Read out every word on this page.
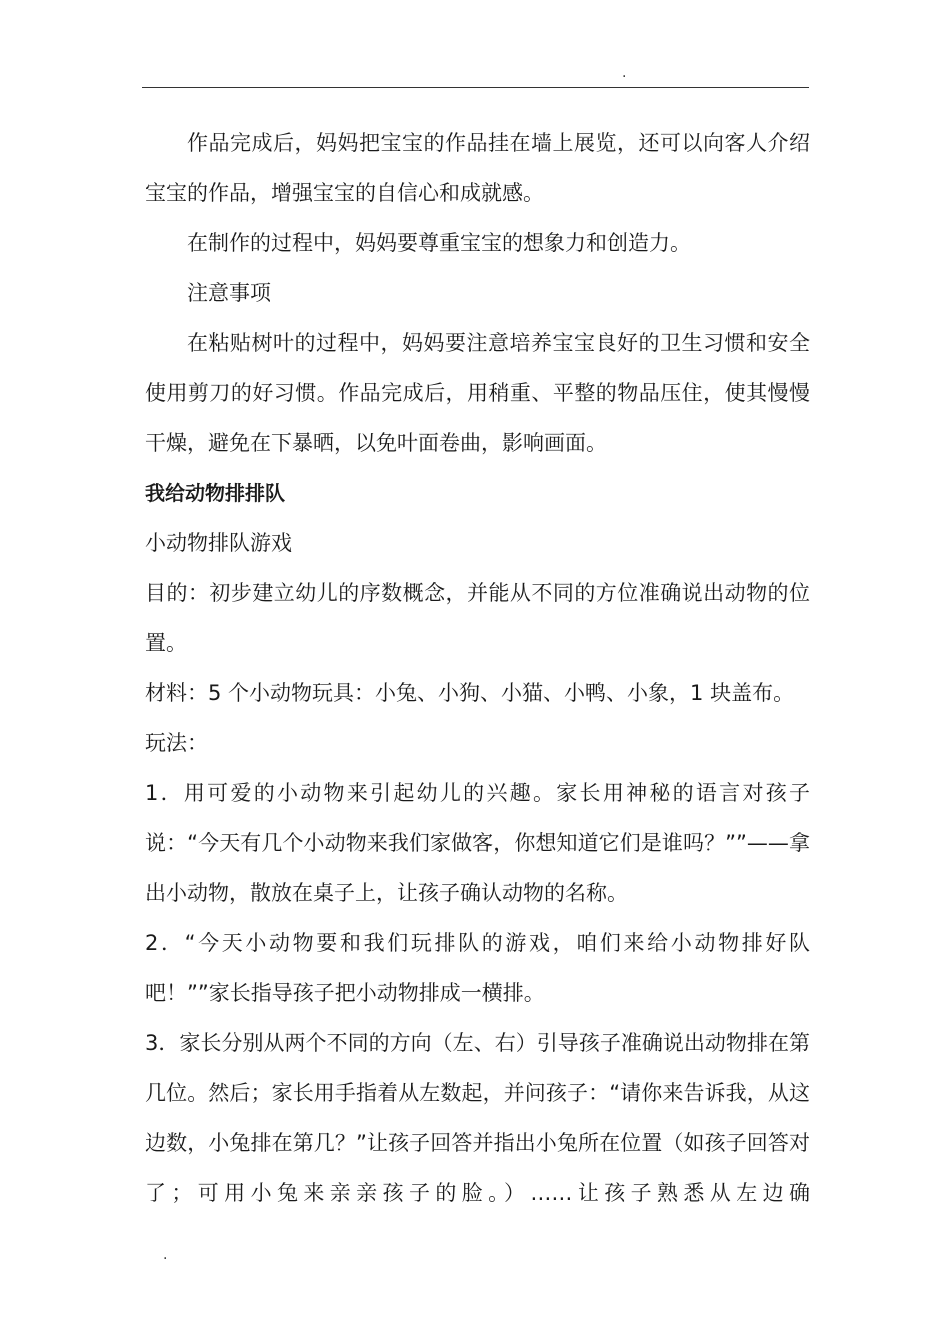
.

作品完成后，妈妈把宝宝的作品挂在墙上展览，还可以向客人介绍宝宝的作品，增强宝宝的自信心和成就感。

在制作的过程中，妈妈要尊重宝宝的想象力和创造力。

注意事项

在粘贴树叶的过程中，妈妈要注意培养宝宝良好的卫生习惯和安全使用剪刀的好习惯。作品完成后，用稍重、平整的物品压住，使其慢慢干燥，避免在下暴晒，以免叶面卷曲，影响画面。

我给动物排排队

小动物排队游戏

目的：初步建立幼儿的序数概念，并能从不同的方位准确说出动物的位置。

材料：5 个小动物玩具：小兔、小狗、小猫、小鸭、小象，1 块盖布。

玩法：

1．用可爱的小动物来引起幼儿的兴趣。家长用神秘的语言对孩子说：“今天有几个小动物来我们家做客，你想知道它们是谁吗？””——拿出小动物，散放在桌子上，让孩子确认动物的名称。

2．“今天小动物要和我们玩排队的游戏，咱们来给小动物排好队吧！””家长指导孩子把小动物排成一横排。

3．家长分别从两个不同的方向（左、右）引导孩子准确说出动物排在第几位。然后；家长用手指着从左数起，并问孩子：“请你来告诉我，从这边数，小兔排在第几？”让孩子回答并指出小兔所在位置（如孩子回答对了；可用小兔来亲亲孩子的脸。）……让孩子熟悉从左边确

.
